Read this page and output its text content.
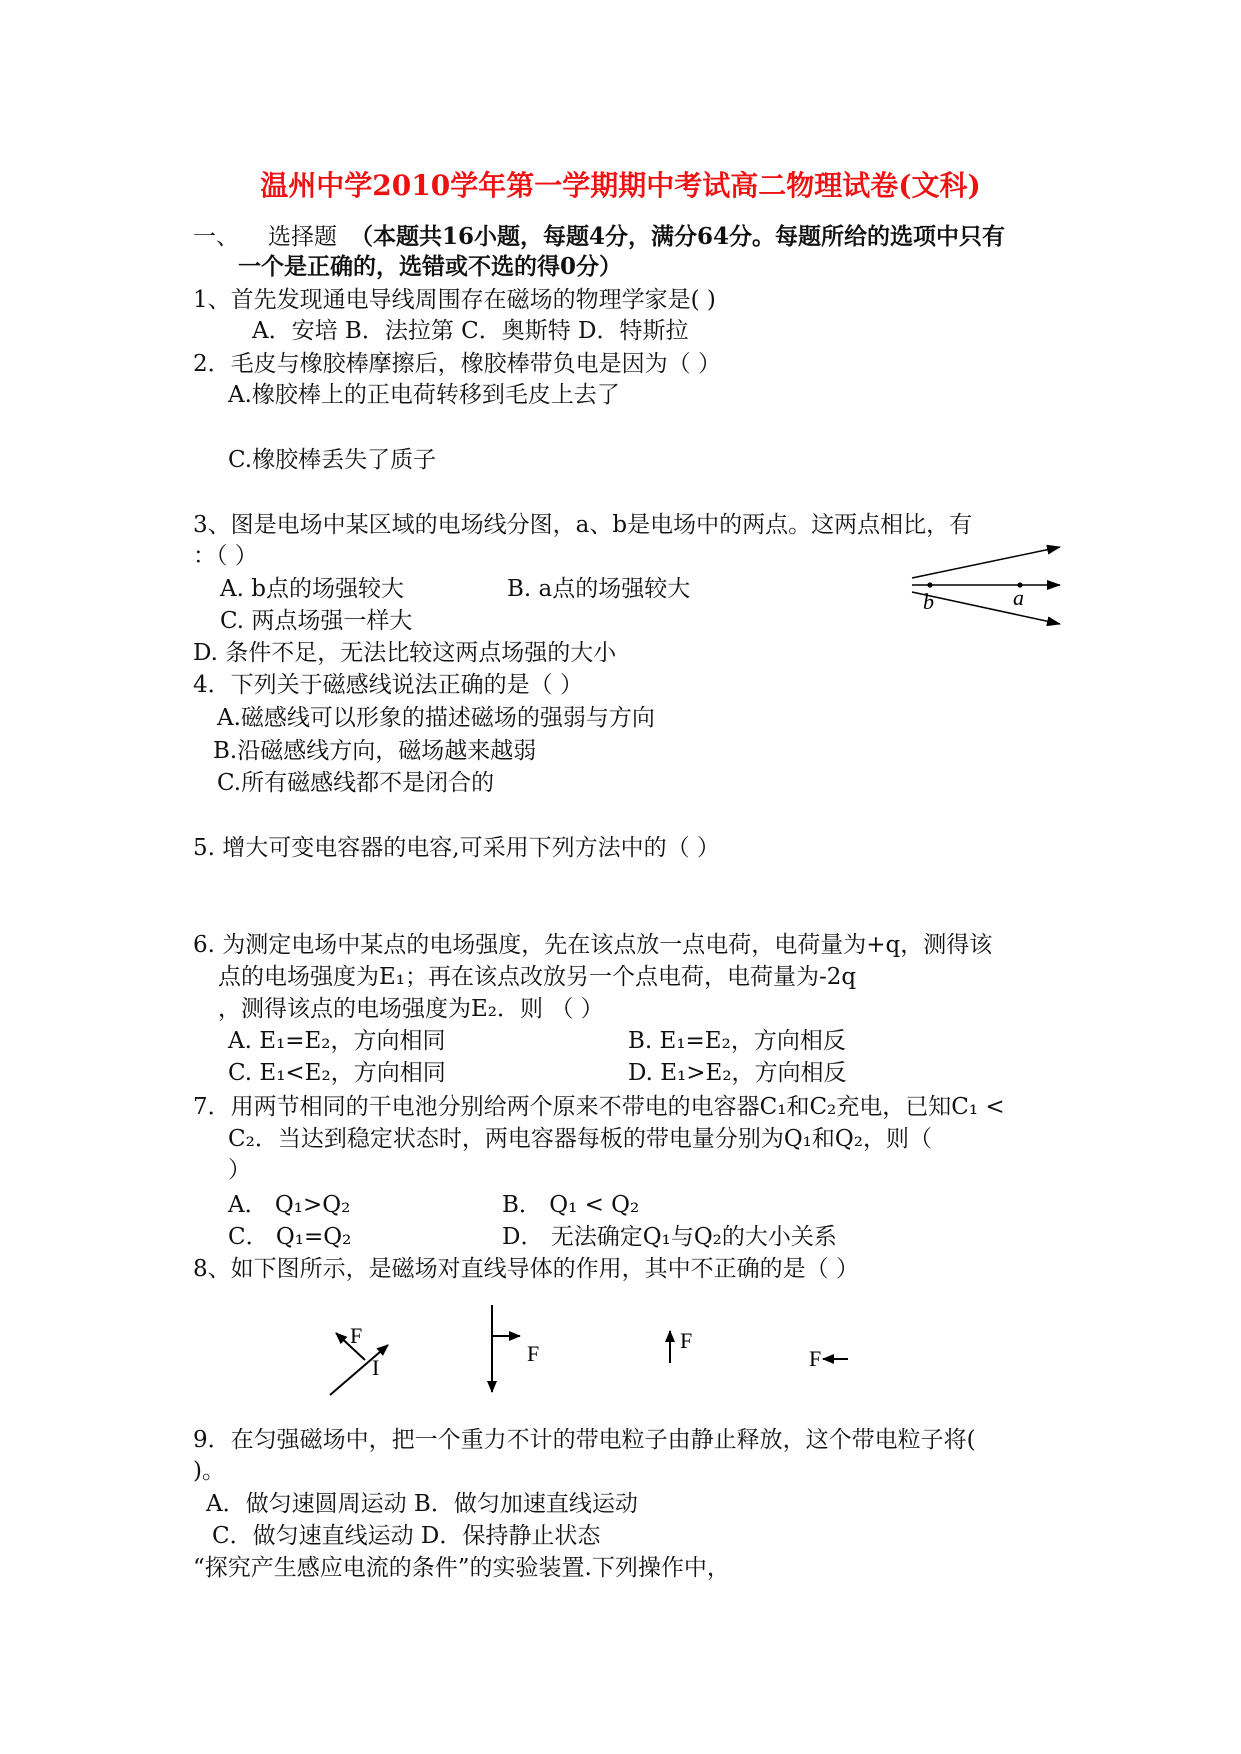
温州中学2010学年第一学期期中考试高二物理试卷(文科)
一、 选择题 （本题共16小题，每题4分，满分64分。每题所给的选项中只有
一个是正确的，选错或不选的得0分）
1、首先发现通电导线周围存在磁场的物理学家是( )
A．安培 B．法拉第 C．奥斯特 D．特斯拉
2．毛皮与橡胶棒摩擦后，橡胶棒带负电是因为（ ）
A.橡胶棒上的正电荷转移到毛皮上去了
C.橡胶棒丢失了质子
3、图是电场中某区域的电场线分图，a、b是电场中的两点。这两点相比，有
：（ ）
A. b点的场强较大	B. a点的场强较大
C. 两点场强一样大
D. 条件不足，无法比较这两点场强的大小
b	a
4．下列关于磁感线说法正确的是（ ）
A.磁感线可以形象的描述磁场的强弱与方向
B.沿磁感线方向，磁场越来越弱
C.所有磁感线都不是闭合的
5. 增大可变电容器的电容,可采用下列方法中的（ ）
6. 为测定电场中某点的电场强度，先在该点放一点电荷，电荷量为+q，测得该
点的电场强度为E₁；再在该点改放另一个点电荷，电荷量为-2q
，测得该点的电场强度为E₂．则 （ ）
A. E₁=E₂，方向相同	B. E₁=E₂，方向相反
C. E₁<E₂，方向相同	D. E₁>E₂，方向相反
7．用两节相同的干电池分别给两个原来不带电的电容器C₁和C₂充电，已知C₁ <
C₂．当达到稳定状态时，两电容器每板的带电量分别为Q₁和Q₂，则（
）
A． Q₁>Q₂	B． Q₁ < Q₂
C． Q₁=Q₂	D． 无法确定Q₁与Q₂的大小关系
8、如下图所示，是磁场对直线导体的作用，其中不正确的是（ ）
F
I
F
F
F
9．在匀强磁场中，把一个重力不计的带电粒子由静止释放，这个带电粒子将(
)。
A．做匀速圆周运动 B．做匀加速直线运动
C．做匀速直线运动 D．保持静止状态
“探究产生感应电流的条件”的实验装置.下列操作中，
